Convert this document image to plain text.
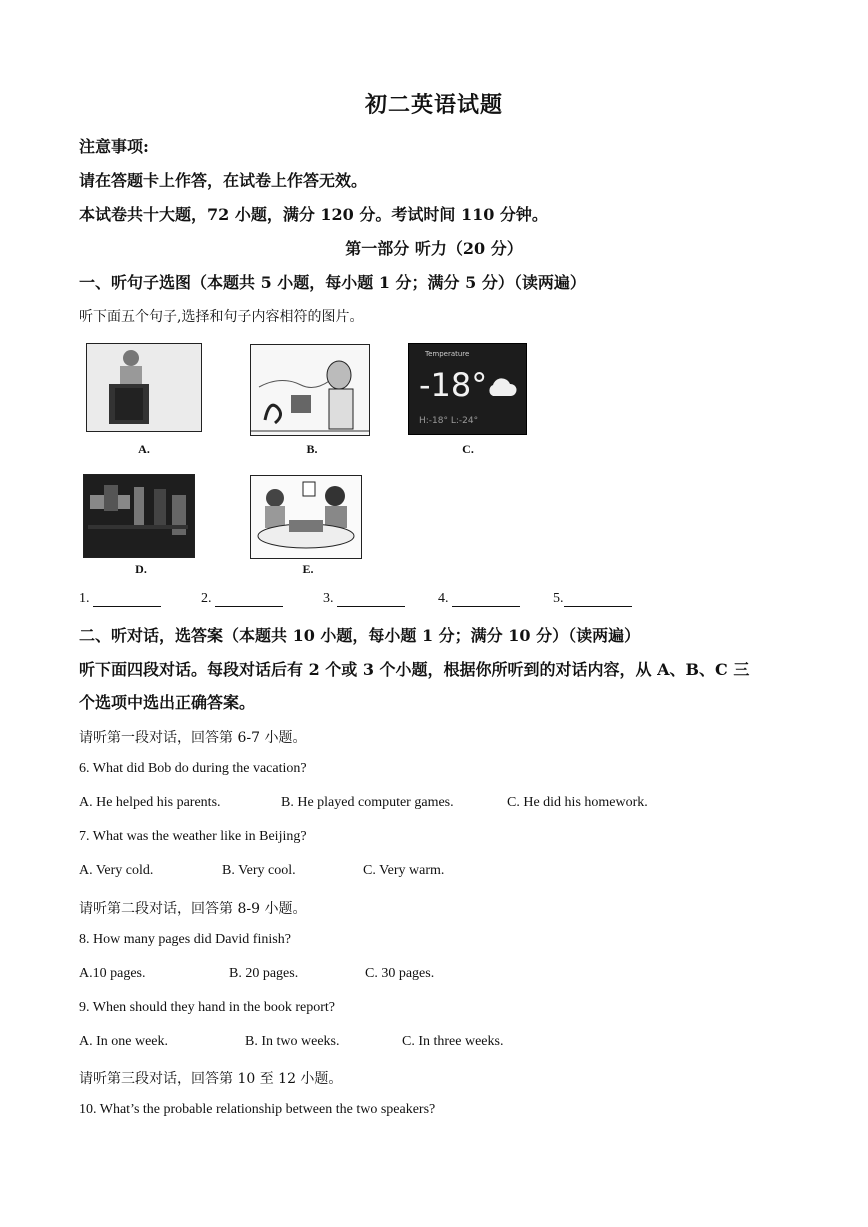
初二英语试题
注意事项:
请在答题卡上作答，在试卷上作答无效。
本试卷共十大题，72 小题，满分 120 分。考试时间 110 分钟。
第一部分 听力（20 分）
一、听句子选图（本题共 5 小题，每小题 1 分；满分 5 分）（读两遍）
听下面五个句子,选择和句子内容相符的图片。
A.	B.
Temperature
-18°
H:-18° L:-24°
C.
D.	E.
1.	2.	3.	4.	5.
二、听对话，选答案（本题共 10 小题，每小题 1 分；满分 10 分）（读两遍）
听下面四段对话。每段对话后有 2 个或 3 个小题，根据你所听到的对话内容，从 A、B、C 三
个选项中选出正确答案。
请听第一段对话，回答第 6-7 小题。
6. What did Bob do during the vacation?
A. He helped his parents.	B. He played computer games.	C. He did his homework.
7. What was the weather like in Beijing?
A. Very cold.	B. Very cool.	C. Very warm.
请听第二段对话，回答第 8-9 小题。
8. How many pages did David finish?
A.10 pages.	B. 20 pages.	C. 30 pages.
9. When should they hand in the book report?
A. In one week.	B. In two weeks.	C. In three weeks.
请听第三段对话，回答第 10 至 12 小题。
10. What’s the probable relationship between the two speakers?
